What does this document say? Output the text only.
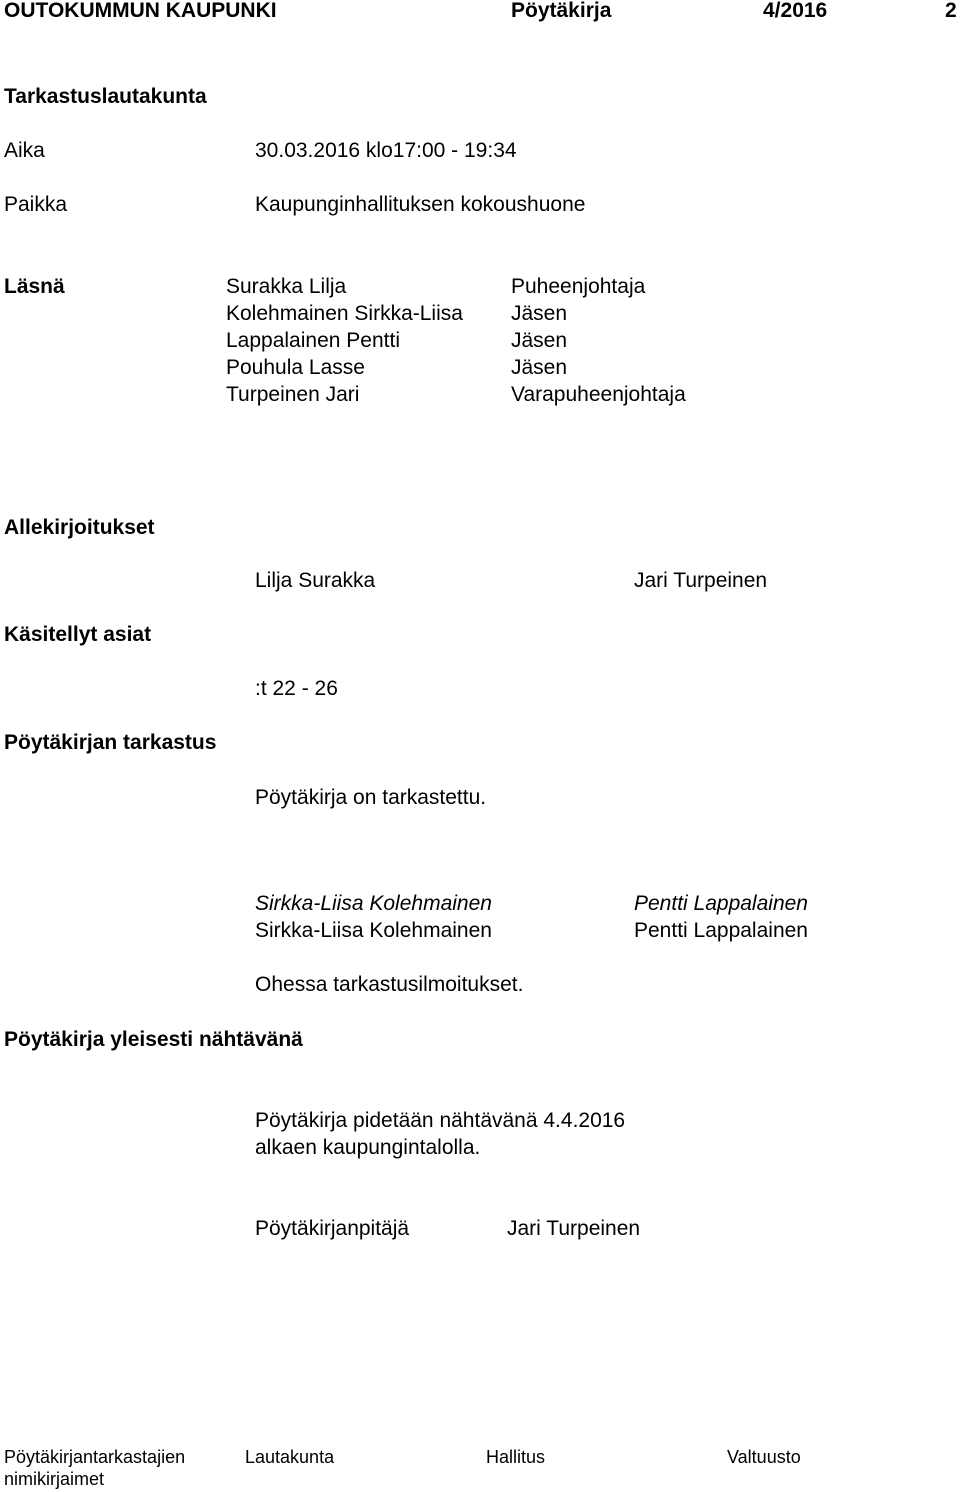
OUTOKUMMUN KAUPUNKI	Pöytäkirja	4/2016	2
Tarkastuslautakunta
Aika	30.03.2016 klo17:00 - 19:34
Paikka	Kaupunginhallituksen kokoushuone
Läsnä	Surakka Lilja	Puheenjohtaja
Kolehmainen Sirkka-Liisa Jäsen
Lappalainen Pentti	Jäsen
Pouhula Lasse	Jäsen
Turpeinen Jari	Varapuheenjohtaja
Allekirjoitukset
Lilja Surakka	Jari Turpeinen
Käsitellyt asiat
:t 22 - 26
Pöytäkirjan tarkastus
Pöytäkirja on tarkastettu.
Sirkka-Liisa Kolehmainen	Pentti Lappalainen
Sirkka-Liisa Kolehmainen	Pentti Lappalainen
Ohessa tarkastusilmoitukset.
Pöytäkirja yleisesti nähtävänä
Pöytäkirja pidetään nähtävänä 4.4.2016
alkaen kaupungintalolla.
Pöytäkirjanpitäjä	Jari Turpeinen
Pöytäkirjantarkastajien
nimikirjaimet
Lautakunta	Hallitus	Valtuusto
